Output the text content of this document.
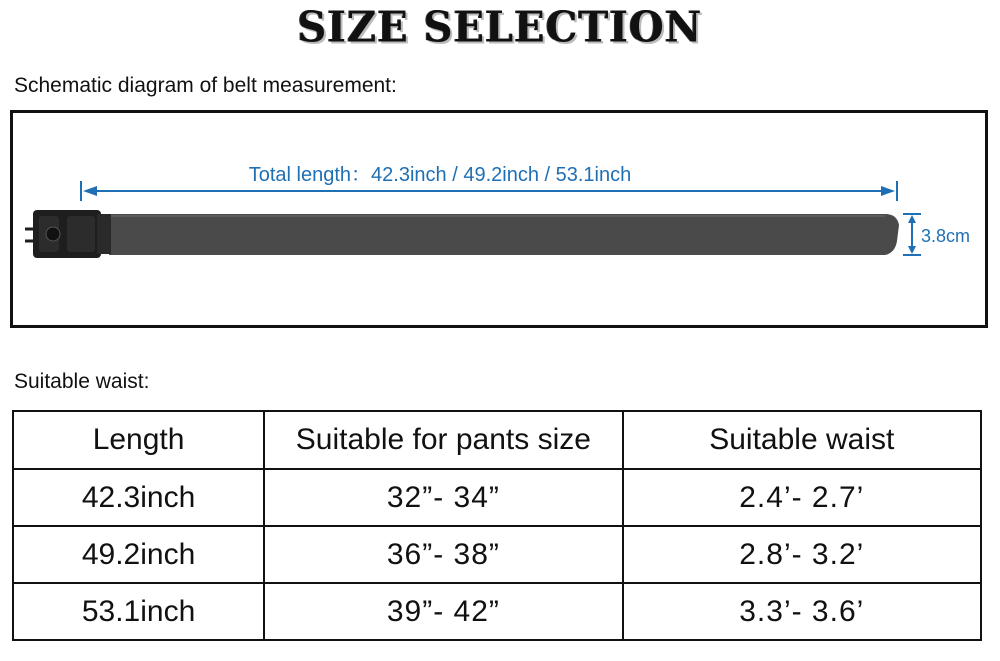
SIZE SELECTION
Schematic diagram of belt measurement:
Total length：42.3inch / 49.2inch / 53.1inch
3.8cm
Suitable waist:
Length	Suitable for pants size	Suitable waist
42.3inch	32”- 34”	2.4’- 2.7’
49.2inch	36”- 38”	2.8’- 3.2’
53.1inch	39”- 42”	3.3’- 3.6’
